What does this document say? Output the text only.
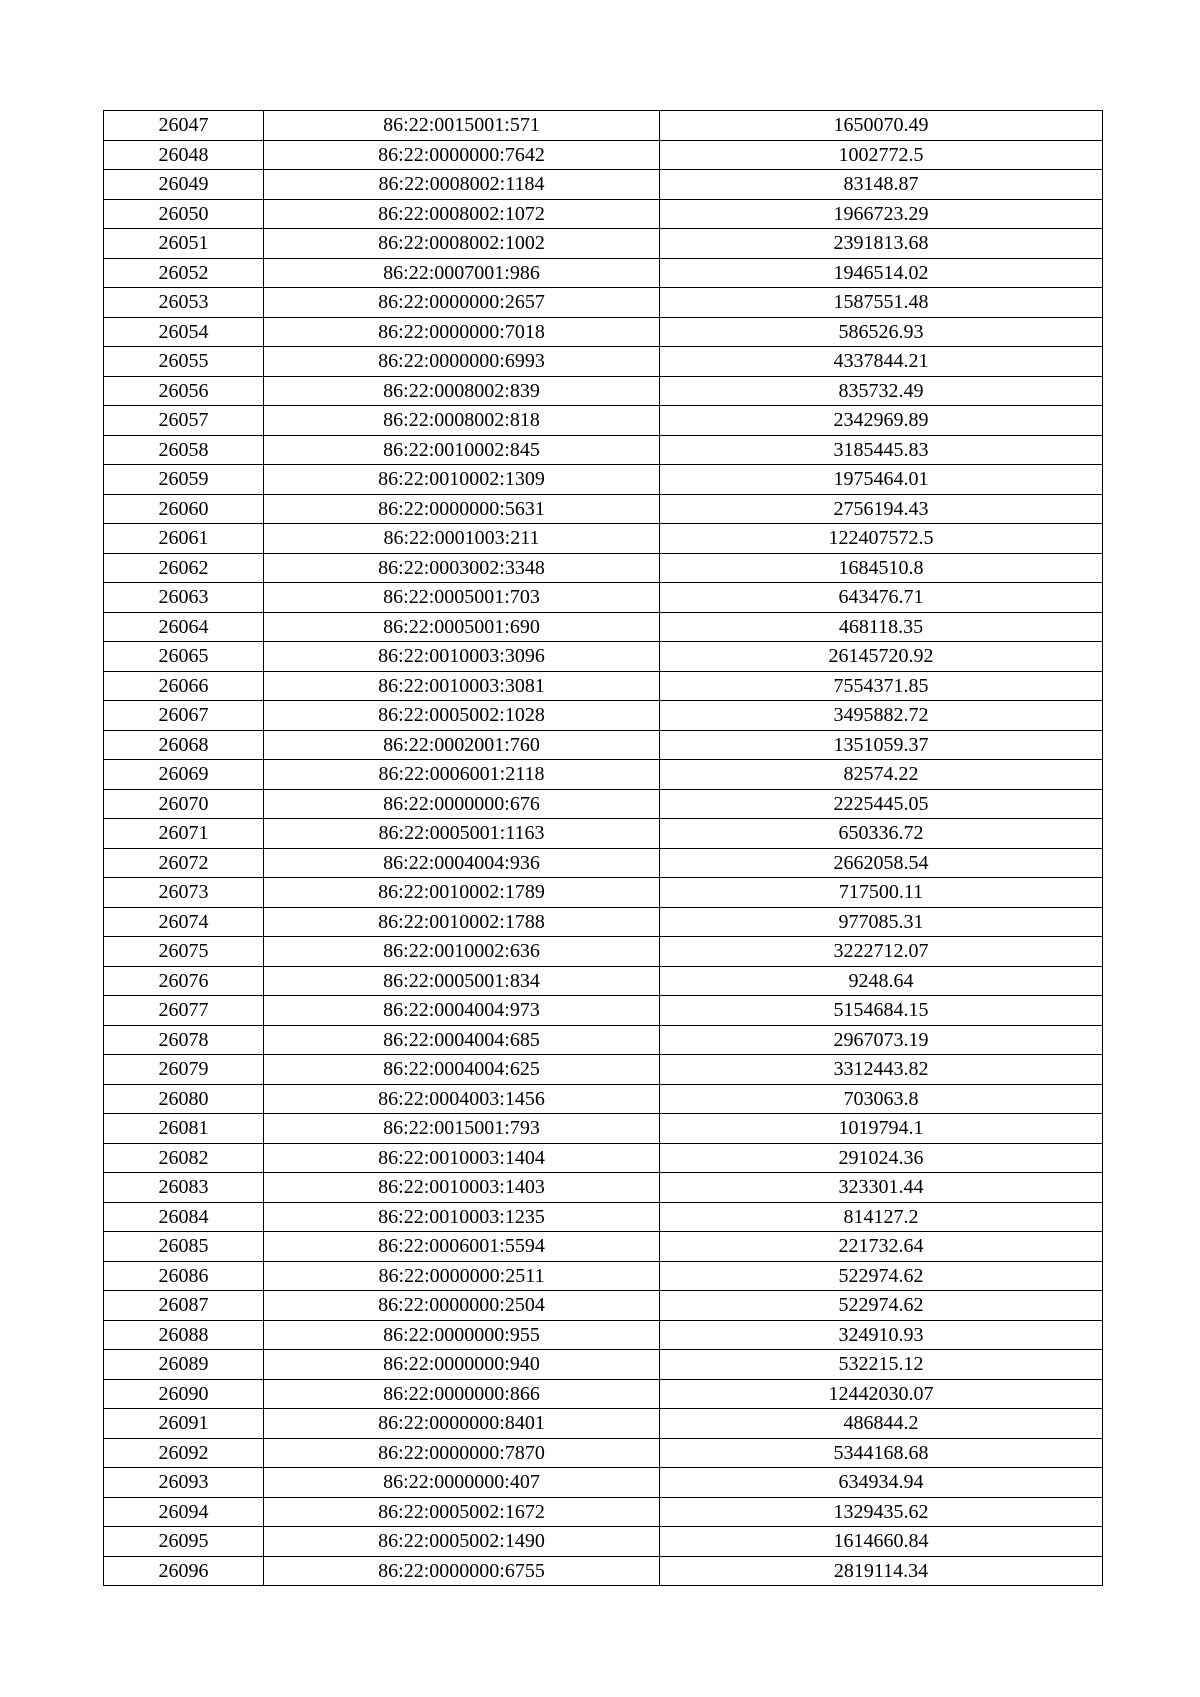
26047	86:22:0015001:571	1650070.49
26048	86:22:0000000:7642	1002772.5
26049	86:22:0008002:1184	83148.87
26050	86:22:0008002:1072	1966723.29
26051	86:22:0008002:1002	2391813.68
26052	86:22:0007001:986	1946514.02
26053	86:22:0000000:2657	1587551.48
26054	86:22:0000000:7018	586526.93
26055	86:22:0000000:6993	4337844.21
26056	86:22:0008002:839	835732.49
26057	86:22:0008002:818	2342969.89
26058	86:22:0010002:845	3185445.83
26059	86:22:0010002:1309	1975464.01
26060	86:22:0000000:5631	2756194.43
26061	86:22:0001003:211	122407572.5
26062	86:22:0003002:3348	1684510.8
26063	86:22:0005001:703	643476.71
26064	86:22:0005001:690	468118.35
26065	86:22:0010003:3096	26145720.92
26066	86:22:0010003:3081	7554371.85
26067	86:22:0005002:1028	3495882.72
26068	86:22:0002001:760	1351059.37
26069	86:22:0006001:2118	82574.22
26070	86:22:0000000:676	2225445.05
26071	86:22:0005001:1163	650336.72
26072	86:22:0004004:936	2662058.54
26073	86:22:0010002:1789	717500.11
26074	86:22:0010002:1788	977085.31
26075	86:22:0010002:636	3222712.07
26076	86:22:0005001:834	9248.64
26077	86:22:0004004:973	5154684.15
26078	86:22:0004004:685	2967073.19
26079	86:22:0004004:625	3312443.82
26080	86:22:0004003:1456	703063.8
26081	86:22:0015001:793	1019794.1
26082	86:22:0010003:1404	291024.36
26083	86:22:0010003:1403	323301.44
26084	86:22:0010003:1235	814127.2
26085	86:22:0006001:5594	221732.64
26086	86:22:0000000:2511	522974.62
26087	86:22:0000000:2504	522974.62
26088	86:22:0000000:955	324910.93
26089	86:22:0000000:940	532215.12
26090	86:22:0000000:866	12442030.07
26091	86:22:0000000:8401	486844.2
26092	86:22:0000000:7870	5344168.68
26093	86:22:0000000:407	634934.94
26094	86:22:0005002:1672	1329435.62
26095	86:22:0005002:1490	1614660.84
26096	86:22:0000000:6755	2819114.34
